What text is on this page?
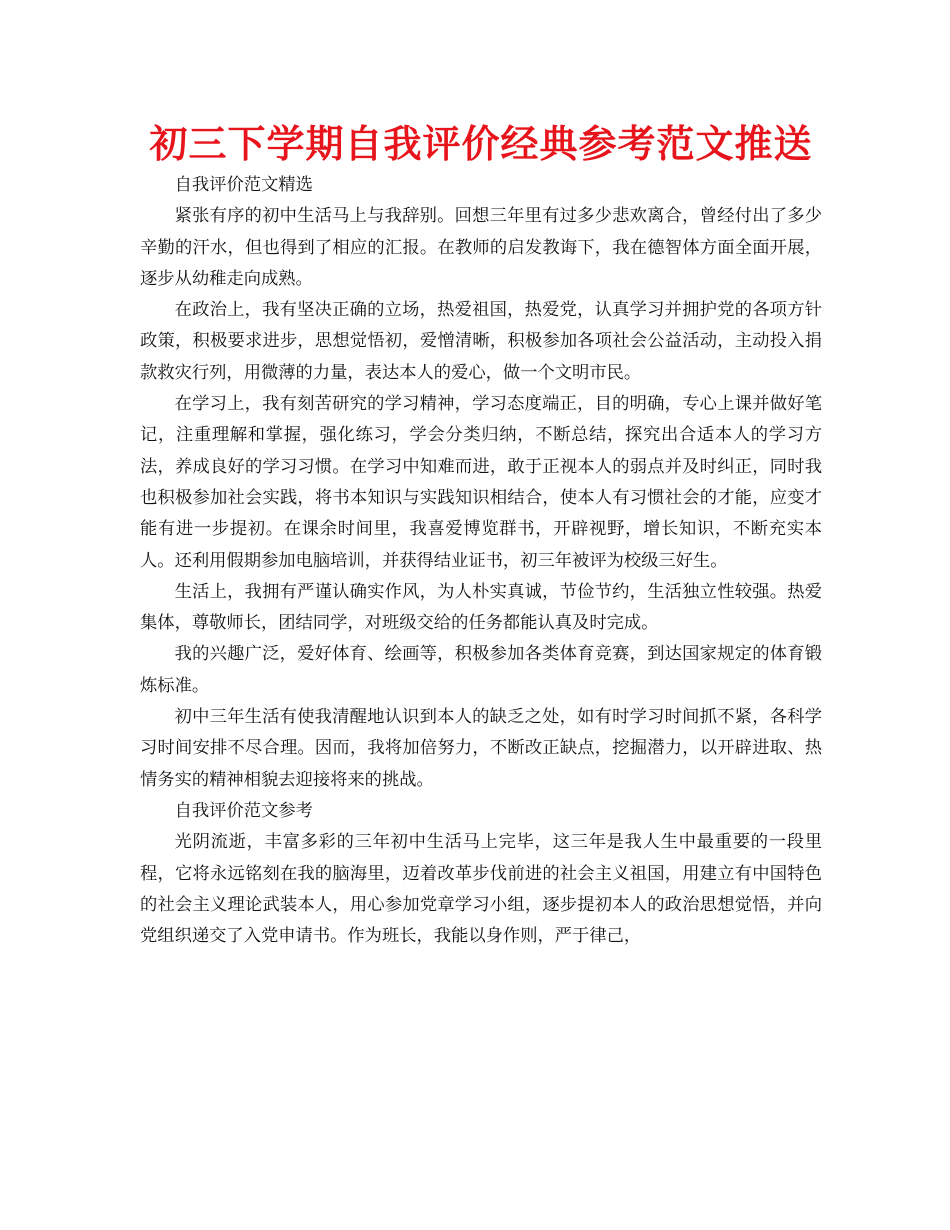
初三下学期自我评价经典参考范文推送

自我评价范文精选

紧张有序的初中生活马上与我辞别。回想三年里有过多少悲欢离合，曾经付出了多少辛勤的汗水，但也得到了相应的汇报。在教师的启发教诲下，我在德智体方面全面开展，逐步从幼稚走向成熟。

在政治上，我有坚决正确的立场，热爱祖国，热爱党，认真学习并拥护党的各项方针政策，积极要求进步，思想觉悟初，爱憎清晰，积极参加各项社会公益活动，主动投入捐款救灾行列，用微薄的力量，表达本人的爱心，做一个文明市民。

在学习上，我有刻苦研究的学习精神，学习态度端正，目的明确，专心上课并做好笔记，注重理解和掌握，强化练习，学会分类归纳，不断总结，探究出合适本人的学习方法，养成良好的学习习惯。在学习中知难而进，敢于正视本人的弱点并及时纠正，同时我也积极参加社会实践，将书本知识与实践知识相结合，使本人有习惯社会的才能，应变才能有进一步提初。在课余时间里，我喜爱博览群书，开辟视野，增长知识，不断充实本人。还利用假期参加电脑培训，并获得结业证书，初三年被评为校级三好生。

生活上，我拥有严谨认确实作风，为人朴实真诚，节俭节约，生活独立性较强。热爱集体，尊敬师长，团结同学，对班级交给的任务都能认真及时完成。

我的兴趣广泛，爱好体育、绘画等，积极参加各类体育竞赛，到达国家规定的体育锻炼标准。

初中三年生活有使我清醒地认识到本人的缺乏之处，如有时学习时间抓不紧，各科学习时间安排不尽合理。因而，我将加倍努力，不断改正缺点，挖掘潜力，以开辟进取、热情务实的精神相貌去迎接将来的挑战。

自我评价范文参考

光阴流逝，丰富多彩的三年初中生活马上完毕，这三年是我人生中最重要的一段里程，它将永远铭刻在我的脑海里，迈着改革步伐前进的社会主义祖国，用建立有中国特色的社会主义理论武装本人，用心参加党章学习小组，逐步提初本人的政治思想觉悟，并向党组织递交了入党申请书。作为班长，我能以身作则，严于律己，
